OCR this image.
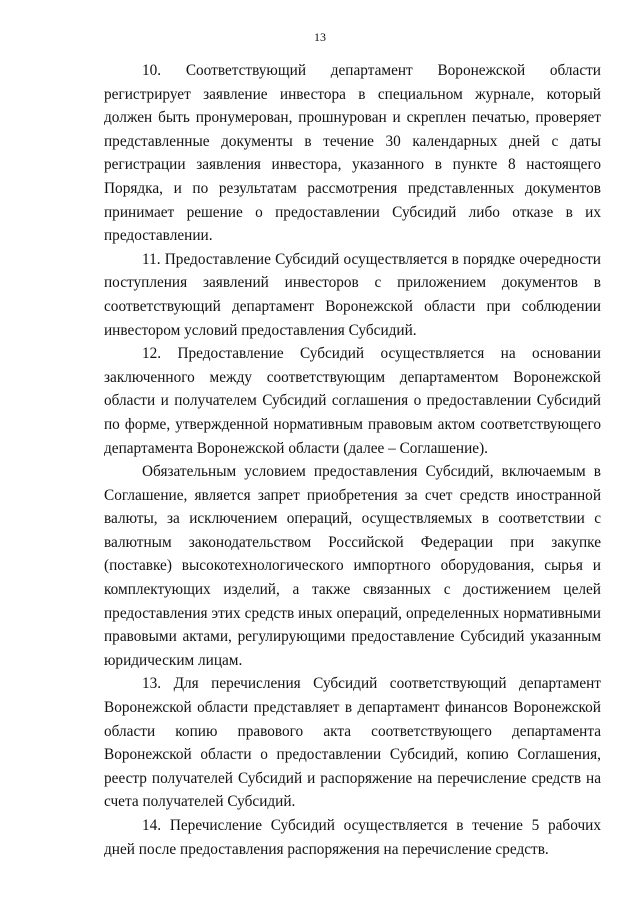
13

10. Соответствующий департамент Воронежской области регистрирует заявление инвестора в специальном журнале, который должен быть пронумерован, прошнурован и скреплен печатью, проверяет представленные документы в течение 30 календарных дней с даты регистрации заявления инвестора, указанного в пункте 8 настоящего Порядка, и по результатам рассмотрения представленных документов принимает решение о предоставлении Субсидий либо отказе в их предоставлении.

11. Предоставление Субсидий осуществляется в порядке очередности поступления заявлений инвесторов с приложением документов в соответствующий департамент Воронежской области при соблюдении инвестором условий предоставления Субсидий.

12. Предоставление Субсидий осуществляется на основании заключенного между соответствующим департаментом Воронежской области и получателем Субсидий соглашения о предоставлении Субсидий по форме, утвержденной нормативным правовым актом соответствующего департамента Воронежской области (далее – Соглашение).

Обязательным условием предоставления Субсидий, включаемым в Соглашение, является запрет приобретения за счет средств иностранной валюты, за исключением операций, осуществляемых в соответствии с валютным законодательством Российской Федерации при закупке (поставке) высокотехнологического импортного оборудования, сырья и комплектующих изделий, а также связанных с достижением целей предоставления этих средств иных операций, определенных нормативными правовыми актами, регулирующими предоставление Субсидий указанным юридическим лицам.

13. Для перечисления Субсидий соответствующий департамент Воронежской области представляет в департамент финансов Воронежской области копию правового акта соответствующего департамента Воронежской области о предоставлении Субсидий, копию Соглашения, реестр получателей Субсидий и распоряжение на перечисление средств на счета получателей Субсидий.

14. Перечисление Субсидий осуществляется в течение 5 рабочих дней после предоставления распоряжения на перечисление средств.
